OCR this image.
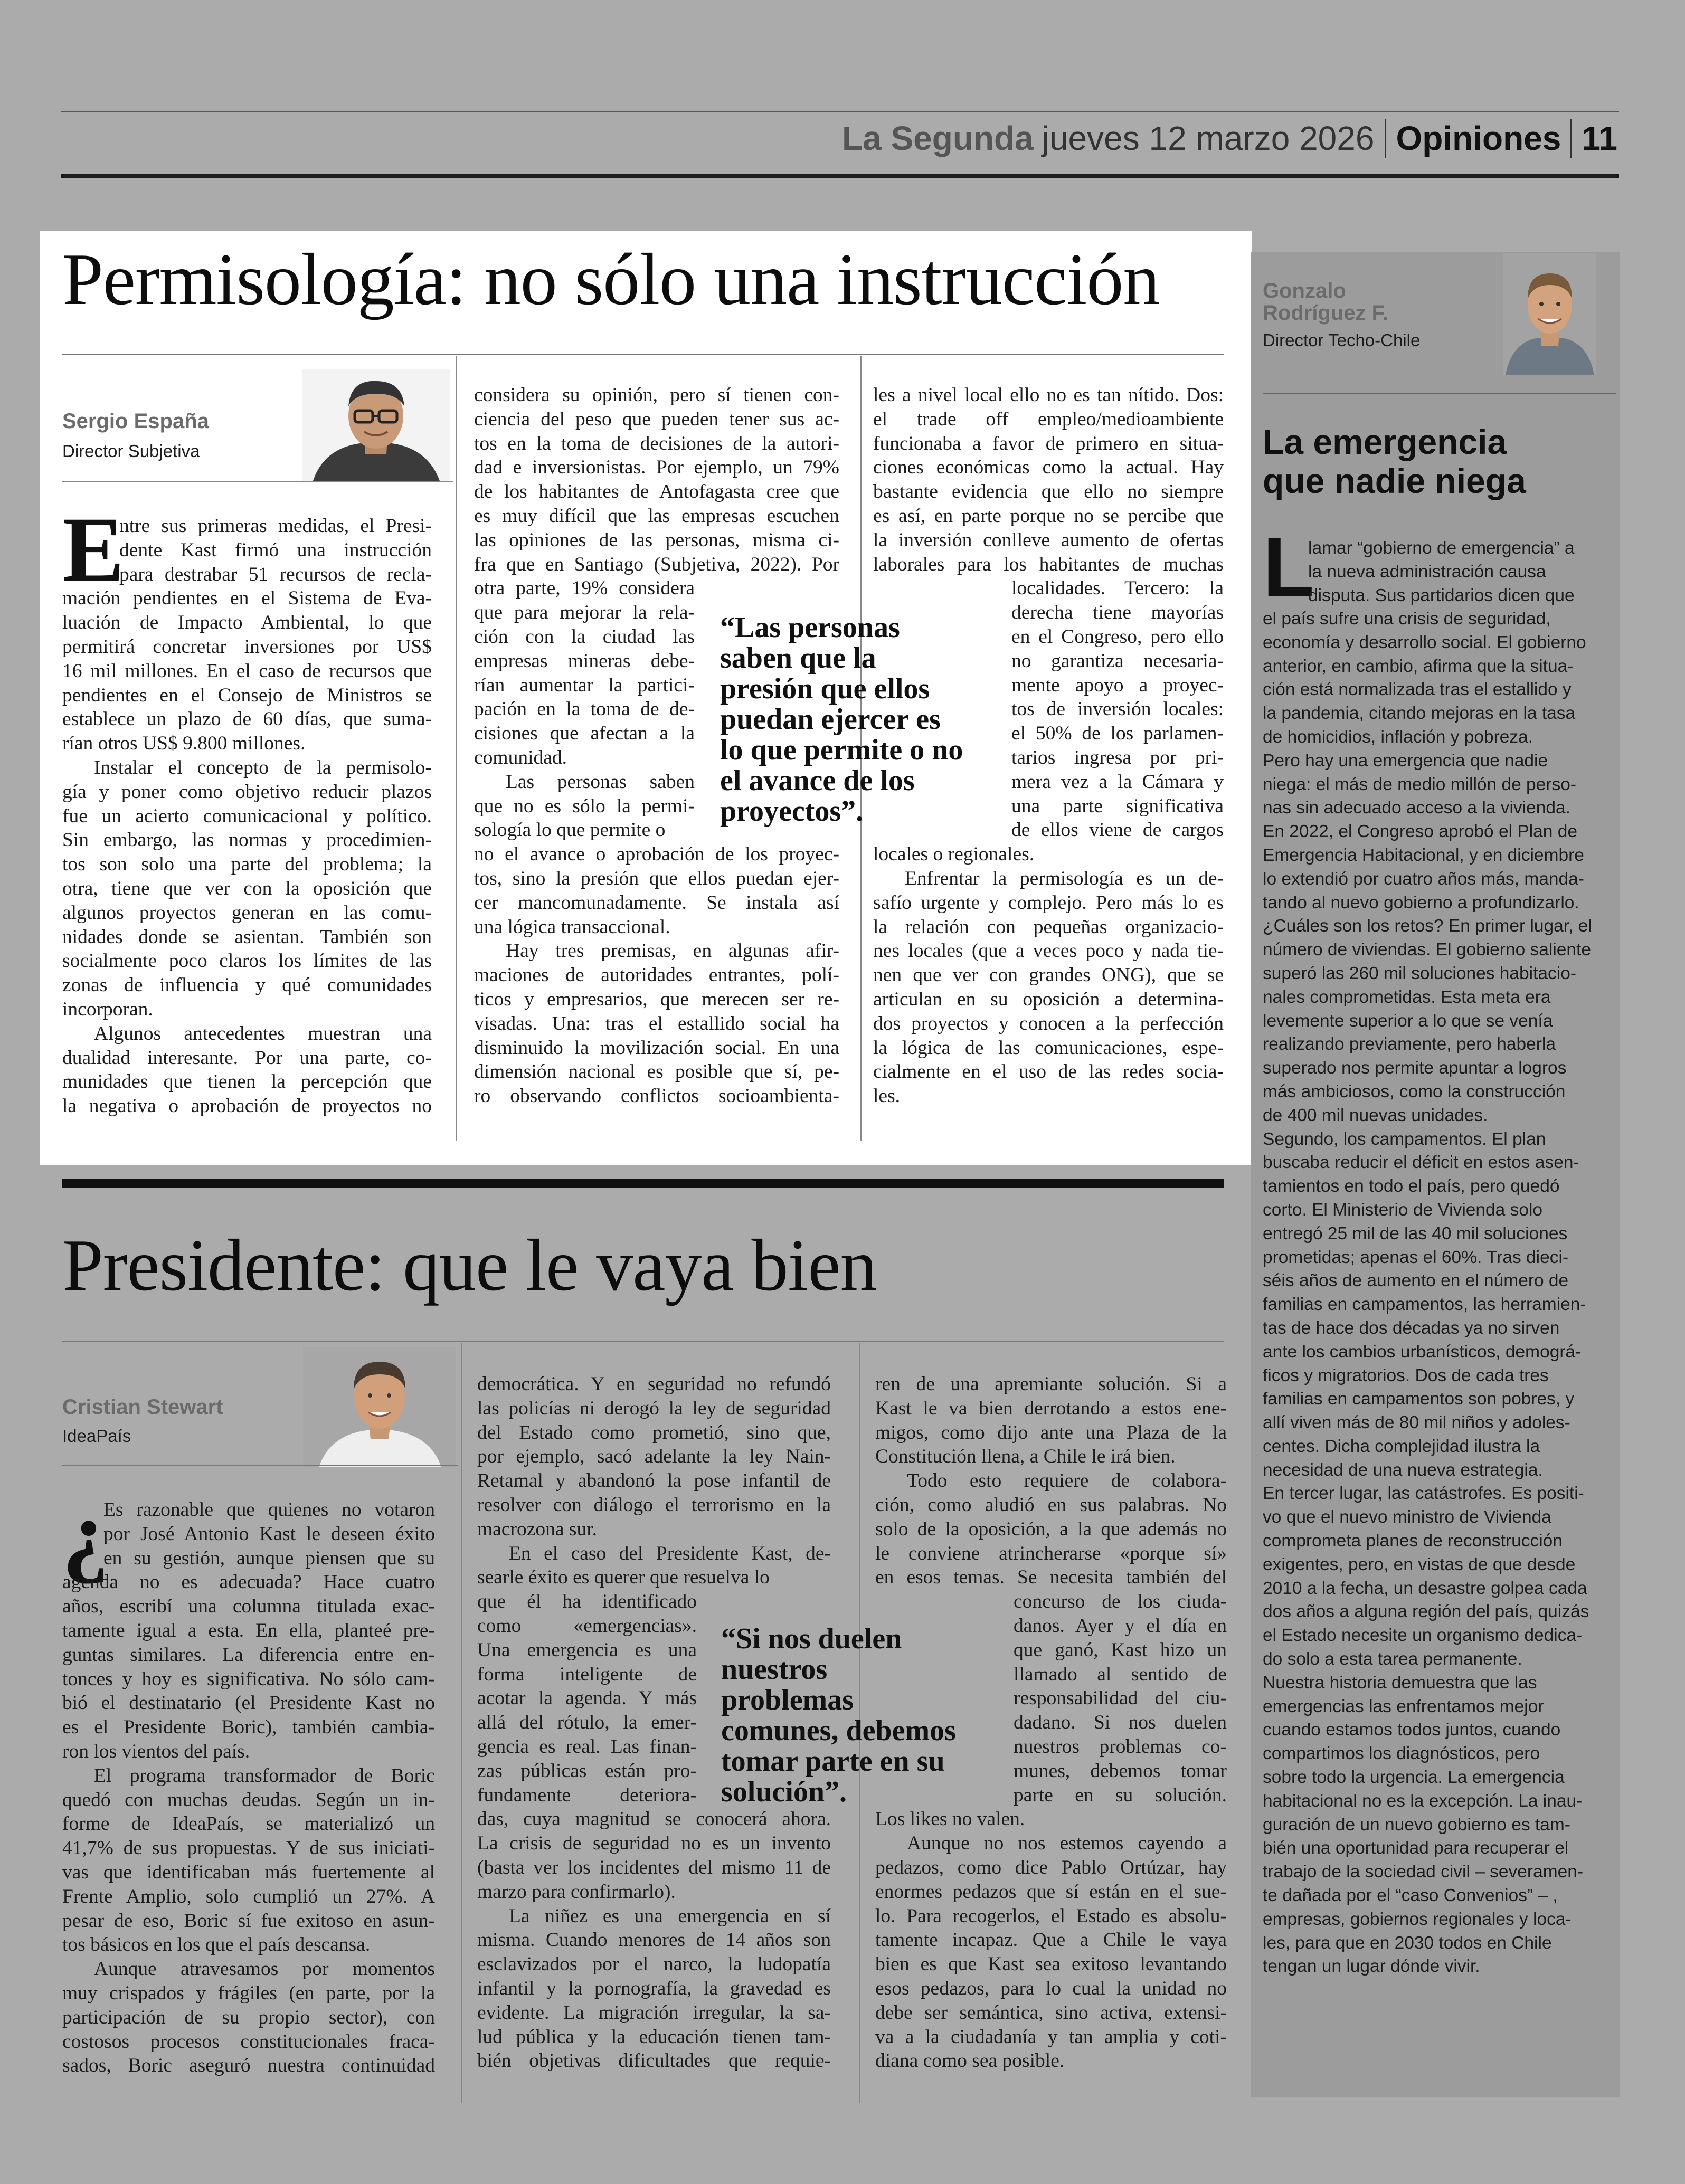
La Segunda jueves 12 marzo 2026 Opiniones 11
Permisología: no sólo una instrucción
Sergio España
Director Subjetiva
E

ntre sus primeras medidas, el Presi-

dente Kast firmó una instrucción

para destrabar 51 recursos de recla-

mación pendientes en el Sistema de Eva-

luación de Impacto Ambiental, lo que

permitirá concretar inversiones por US$

16 mil millones. En el caso de recursos que

pendientes en el Consejo de Ministros se

establece un plazo de 60 días, que suma-

rían otros US$ 9.800 millones.

Instalar el concepto de la permisolo-

gía y poner como objetivo reducir plazos

fue un acierto comunicacional y político.

Sin embargo, las normas y procedimien-

tos son solo una parte del problema; la

otra, tiene que ver con la oposición que

algunos proyectos generan en las comu-

nidades donde se asientan. También son

socialmente poco claros los límites de las

zonas de influencia y qué comunidades

incorporan.

Algunos antecedentes muestran una

dualidad interesante. Por una parte, co-

munidades que tienen la percepción que

la negativa o aprobación de proyectos no

considera su opinión, pero sí tienen con-

ciencia del peso que pueden tener sus ac-

tos en la toma de decisiones de la autori-

dad e inversionistas. Por ejemplo, un 79%

de los habitantes de Antofagasta cree que

es muy difícil que las empresas escuchen

las opiniones de las personas, misma ci-

fra que en Santiago (Subjetiva, 2022). Por

otra parte, 19% considera

que para mejorar la rela-

ción con la ciudad las

empresas mineras debe-

rían aumentar la partici-

pación en la toma de de-

cisiones que afectan a la

comunidad.

Las personas saben

que no es sólo la permi-

sología lo que permite o

no el avance o aprobación de los proyec-

tos, sino la presión que ellos puedan ejer-

cer mancomunadamente. Se instala así

una lógica transaccional.

Hay tres premisas, en algunas afir-

maciones de autoridades entrantes, polí-

ticos y empresarios, que merecen ser re-

visadas. Una: tras el estallido social ha

disminuido la movilización social. En una

dimensión nacional es posible que sí, pe-

ro observando conflictos socioambienta-

“Las personas
saben que la
presión que ellos
puedan ejercer es
lo que permite o no
el avance de los
proyectos”.

les a nivel local ello no es tan nítido. Dos:

el trade off empleo/medioambiente

funcionaba a favor de primero en situa-

ciones económicas como la actual. Hay

bastante evidencia que ello no siempre

es así, en parte porque no se percibe que

la inversión conlleve aumento de ofertas

laborales para los habitantes de muchas

localidades. Tercero: la

derecha tiene mayorías

en el Congreso, pero ello

no garantiza necesaria-

mente apoyo a proyec-

tos de inversión locales:

el 50% de los parlamen-

tarios ingresa por pri-

mera vez a la Cámara y

una parte significativa

de ellos viene de cargos

locales o regionales.

Enfrentar la permisología es un de-

safío urgente y complejo. Pero más lo es

la relación con pequeñas organizacio-

nes locales (que a veces poco y nada tie-

nen que ver con grandes ONG), que se

articulan en su oposición a determina-

dos proyectos y conocen a la perfección

la lógica de las comunicaciones, espe-

cialmente en el uso de las redes socia-

les.

Presidente: que le vaya bien
Cristian Stewart
IdeaPaís
¿

Es razonable que quienes no votaron

por José Antonio Kast le deseen éxito

en su gestión, aunque piensen que su

agenda no es adecuada? Hace cuatro

años, escribí una columna titulada exac-

tamente igual a esta. En ella, planteé pre-

guntas similares. La diferencia entre en-

tonces y hoy es significativa. No sólo cam-

bió el destinatario (el Presidente Kast no

es el Presidente Boric), también cambia-

ron los vientos del país.

El programa transformador de Boric

quedó con muchas deudas. Según un in-

forme de IdeaPaís, se materializó un

41,7% de sus propuestas. Y de sus iniciati-

vas que identificaban más fuertemente al

Frente Amplio, solo cumplió un 27%. A

pesar de eso, Boric sí fue exitoso en asun-

tos básicos en los que el país descansa.

Aunque atravesamos por momentos

muy crispados y frágiles (en parte, por la

participación de su propio sector), con

costosos procesos constitucionales fraca-

sados, Boric aseguró nuestra continuidad

democrática. Y en seguridad no refundó

las policías ni derogó la ley de seguridad

del Estado como prometió, sino que,

por ejemplo, sacó adelante la ley Nain-

Retamal y abandonó la pose infantil de

resolver con diálogo el terrorismo en la

macrozona sur.

En el caso del Presidente Kast, de-

searle éxito es querer que resuelva lo

que él ha identificado

como «emergencias».

Una emergencia es una

forma inteligente de

acotar la agenda. Y más

allá del rótulo, la emer-

gencia es real. Las finan-

zas públicas están pro-

fundamente deteriora-

das, cuya magnitud se conocerá ahora.

La crisis de seguridad no es un invento

(basta ver los incidentes del mismo 11 de

marzo para confirmarlo).

La niñez es una emergencia en sí

misma. Cuando menores de 14 años son

esclavizados por el narco, la ludopatía

infantil y la pornografía, la gravedad es

evidente. La migración irregular, la sa-

lud pública y la educación tienen tam-

bién objetivas dificultades que requie-

“Si nos duelen
nuestros
problemas
comunes, debemos
tomar parte en su
solución”.

ren de una apremiante solución. Si a

Kast le va bien derrotando a estos ene-

migos, como dijo ante una Plaza de la

Constitución llena, a Chile le irá bien.

Todo esto requiere de colabora-

ción, como aludió en sus palabras. No

solo de la oposición, a la que además no

le conviene atrincherarse «porque sí»

en esos temas. Se necesita también del

concurso de los ciuda-

danos. Ayer y el día en

que ganó, Kast hizo un

llamado al sentido de

responsabilidad del ciu-

dadano. Si nos duelen

nuestros problemas co-

munes, debemos tomar

parte en su solución.

Los likes no valen.

Aunque no nos estemos cayendo a

pedazos, como dice Pablo Ortúzar, hay

enormes pedazos que sí están en el sue-

lo. Para recogerlos, el Estado es absolu-

tamente incapaz. Que a Chile le vaya

bien es que Kast sea exitoso levantando

esos pedazos, para lo cual la unidad no

debe ser semántica, sino activa, extensi-

va a la ciudadanía y tan amplia y coti-

diana como sea posible.

Gonzalo
Rodríguez F.
Director Techo-Chile
La emergencia
que nadie niega
L

lamar “gobierno de emergencia” a

la nueva administración causa

disputa. Sus partidarios dicen que

el país sufre una crisis de seguridad,

economía y desarrollo social. El gobierno

anterior, en cambio, afirma que la situa-

ción está normalizada tras el estallido y

la pandemia, citando mejoras en la tasa

de homicidios, inflación y pobreza.

Pero hay una emergencia que nadie

niega: el más de medio millón de perso-

nas sin adecuado acceso a la vivienda.

En 2022, el Congreso aprobó el Plan de

Emergencia Habitacional, y en diciembre

lo extendió por cuatro años más, manda-

tando al nuevo gobierno a profundizarlo.

¿Cuáles son los retos? En primer lugar, el

número de viviendas. El gobierno saliente

superó las 260 mil soluciones habitacio-

nales comprometidas. Esta meta era

levemente superior a lo que se venía

realizando previamente, pero haberla

superado nos permite apuntar a logros

más ambiciosos, como la construcción

de 400 mil nuevas unidades.

Segundo, los campamentos. El plan

buscaba reducir el déficit en estos asen-

tamientos en todo el país, pero quedó

corto. El Ministerio de Vivienda solo

entregó 25 mil de las 40 mil soluciones

prometidas; apenas el 60%. Tras dieci-

séis años de aumento en el número de

familias en campamentos, las herramien-

tas de hace dos décadas ya no sirven

ante los cambios urbanísticos, demográ-

ficos y migratorios. Dos de cada tres

familias en campamentos son pobres, y

allí viven más de 80 mil niños y adoles-

centes. Dicha complejidad ilustra la

necesidad de una nueva estrategia.

En tercer lugar, las catástrofes. Es positi-

vo que el nuevo ministro de Vivienda

comprometa planes de reconstrucción

exigentes, pero, en vistas de que desde

2010 a la fecha, un desastre golpea cada

dos años a alguna región del país, quizás

el Estado necesite un organismo dedica-

do solo a esta tarea permanente.

Nuestra historia demuestra que las

emergencias las enfrentamos mejor

cuando estamos todos juntos, cuando

compartimos los diagnósticos, pero

sobre todo la urgencia. La emergencia

habitacional no es la excepción. La inau-

guración de un nuevo gobierno es tam-

bién una oportunidad para recuperar el

trabajo de la sociedad civil – severamen-

te dañada por el “caso Convenios” – ,

empresas, gobiernos regionales y loca-

les, para que en 2030 todos en Chile

tengan un lugar dónde vivir.
